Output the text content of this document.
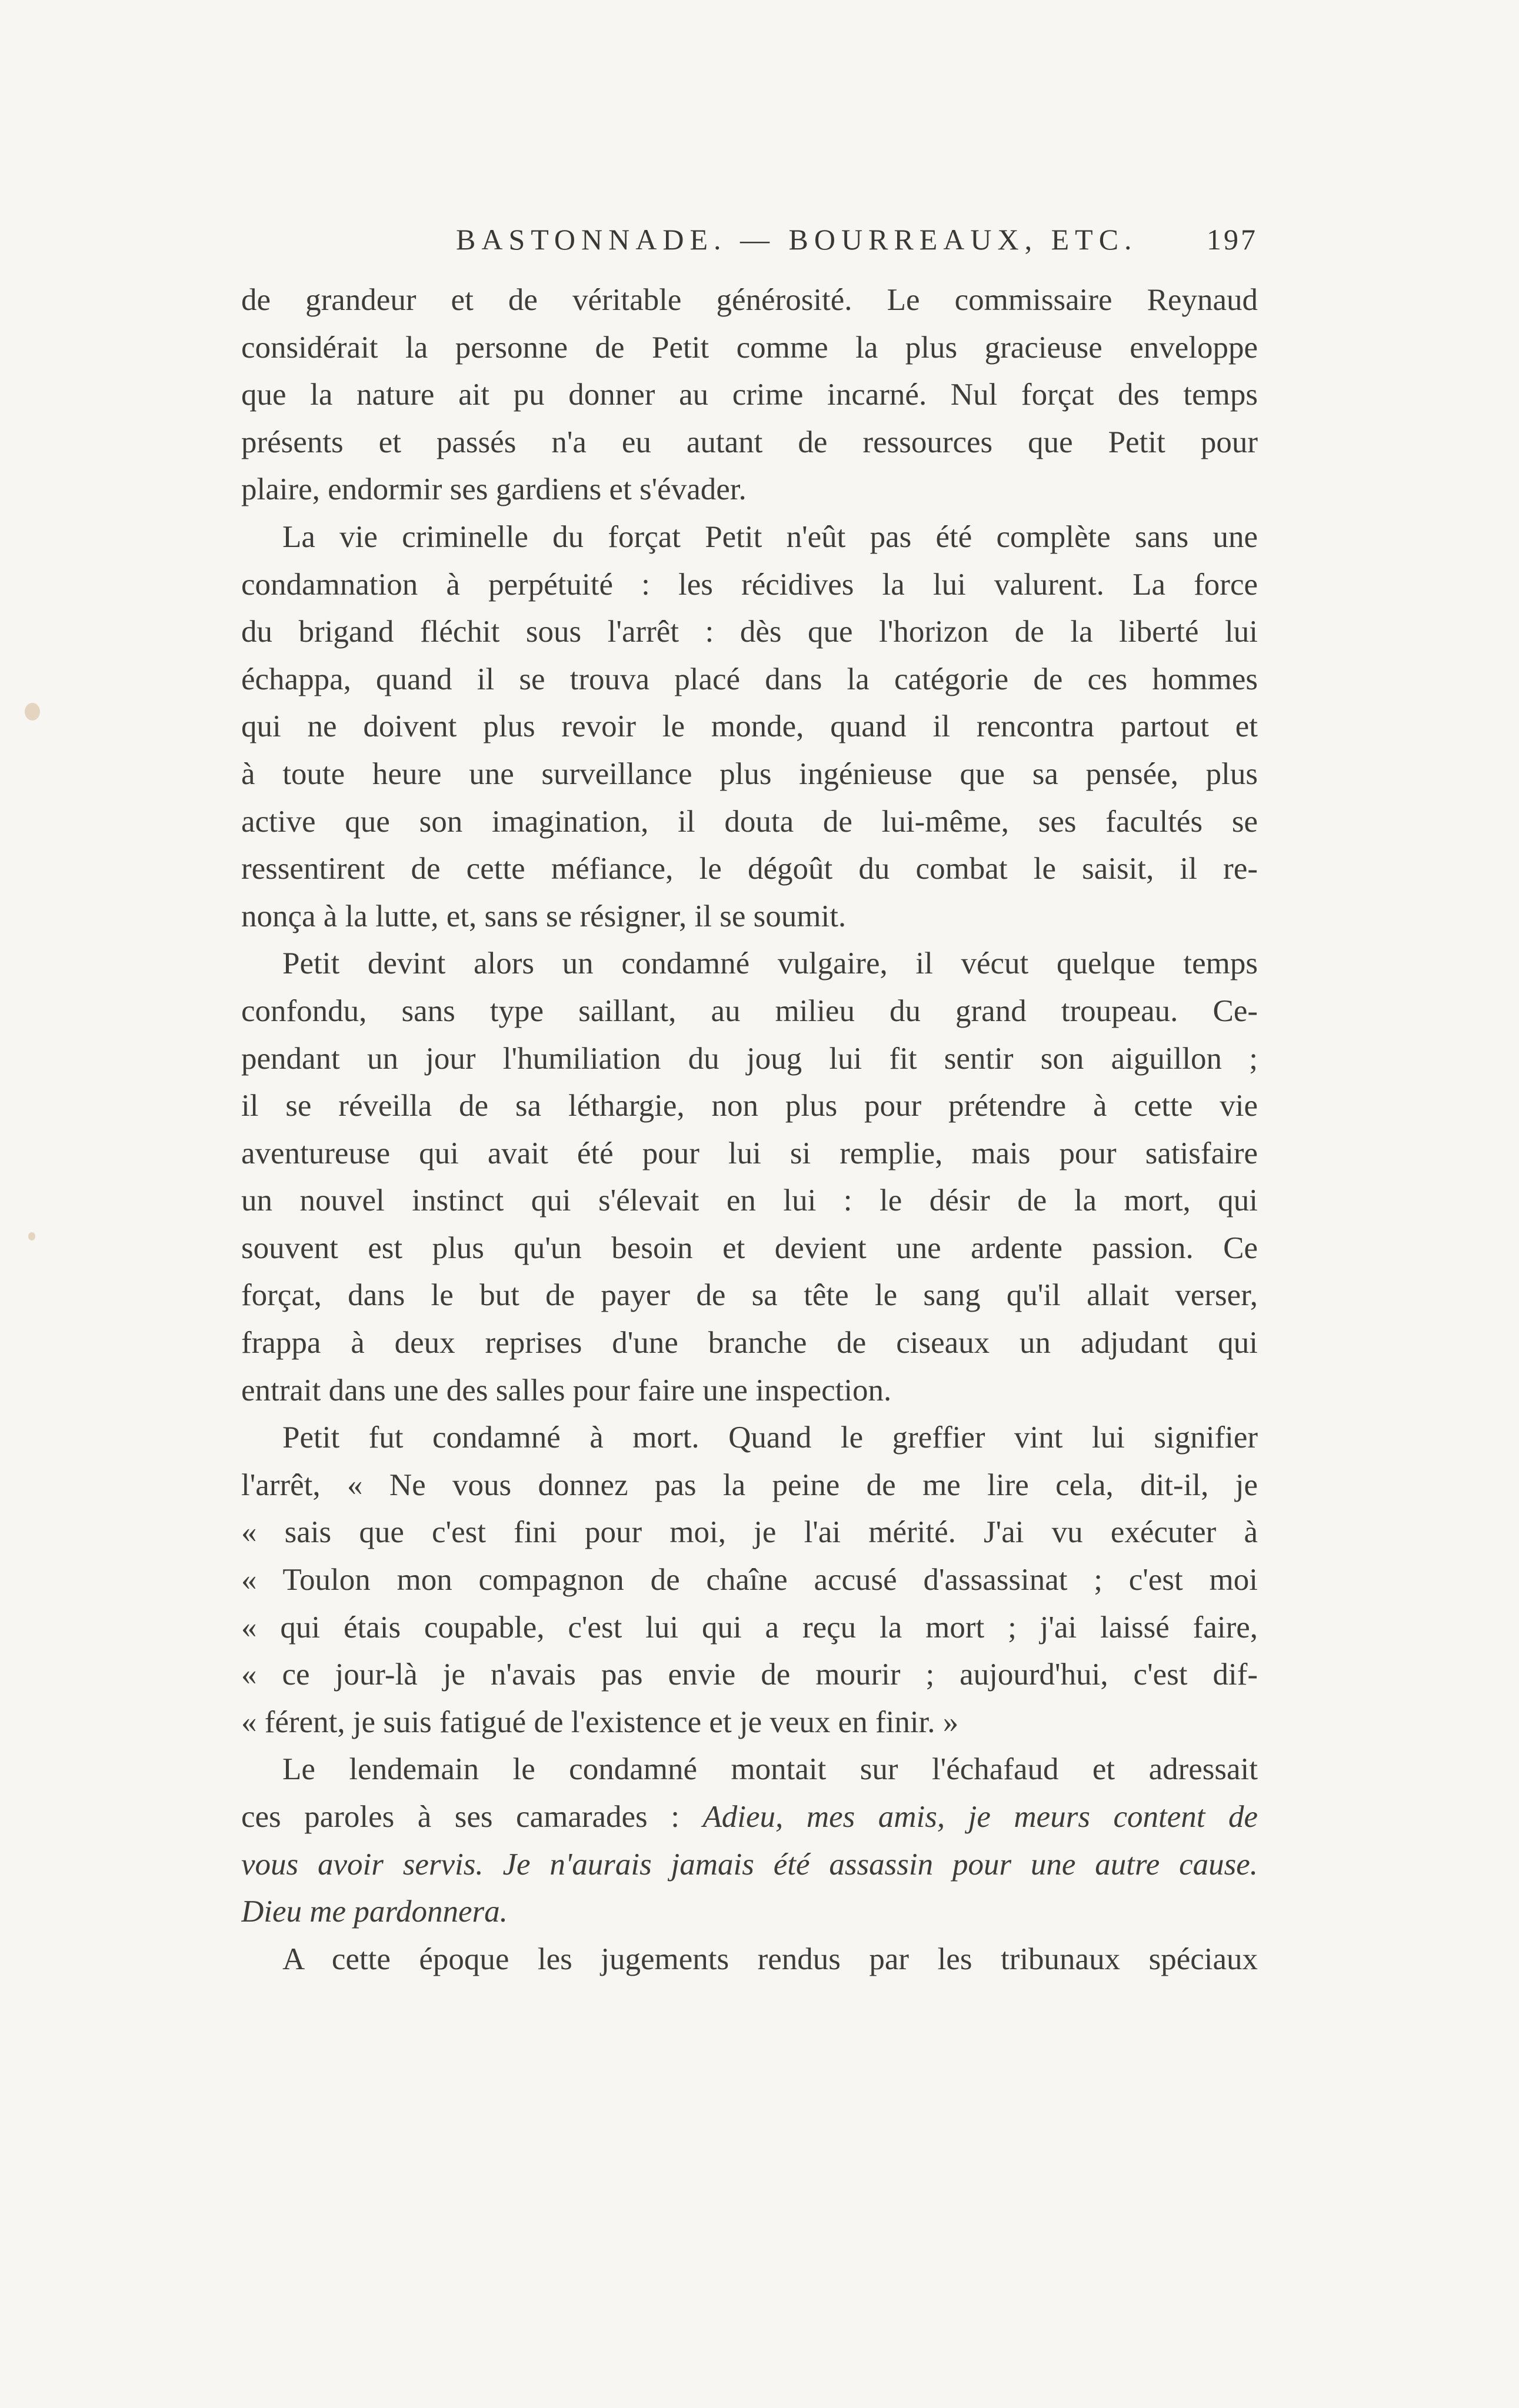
BASTONNADE. — BOURREAUX, ETC. 197
de grandeur et de véritable générosité. Le commissaire Reynaud
considérait la personne de Petit comme la plus gracieuse enveloppe
que la nature ait pu donner au crime incarné. Nul forçat des temps
présents et passés n'a eu autant de ressources que Petit pour
plaire, endormir ses gardiens et s'évader.
La vie criminelle du forçat Petit n'eût pas été complète sans une
condamnation à perpétuité : les récidives la lui valurent. La force
du brigand fléchit sous l'arrêt : dès que l'horizon de la liberté lui
échappa, quand il se trouva placé dans la catégorie de ces hommes
qui ne doivent plus revoir le monde, quand il rencontra partout et
à toute heure une surveillance plus ingénieuse que sa pensée, plus
active que son imagination, il douta de lui-même, ses facultés se
ressentirent de cette méfiance, le dégoût du combat le saisit, il re-
nonça à la lutte, et, sans se résigner, il se soumit.
Petit devint alors un condamné vulgaire, il vécut quelque temps
confondu, sans type saillant, au milieu du grand troupeau. Ce-
pendant un jour l'humiliation du joug lui fit sentir son aiguillon ;
il se réveilla de sa léthargie, non plus pour prétendre à cette vie
aventureuse qui avait été pour lui si remplie, mais pour satisfaire
un nouvel instinct qui s'élevait en lui : le désir de la mort, qui
souvent est plus qu'un besoin et devient une ardente passion. Ce
forçat, dans le but de payer de sa tête le sang qu'il allait verser,
frappa à deux reprises d'une branche de ciseaux un adjudant qui
entrait dans une des salles pour faire une inspection.
Petit fut condamné à mort. Quand le greffier vint lui signifier
l'arrêt, « Ne vous donnez pas la peine de me lire cela, dit-il, je
« sais que c'est fini pour moi, je l'ai mérité. J'ai vu exécuter à
« Toulon mon compagnon de chaîne accusé d'assassinat ; c'est moi
« qui étais coupable, c'est lui qui a reçu la mort ; j'ai laissé faire,
« ce jour-là je n'avais pas envie de mourir ; aujourd'hui, c'est dif-
« férent, je suis fatigué de l'existence et je veux en finir. »
Le lendemain le condamné montait sur l'échafaud et adressait
ces paroles à ses camarades : Adieu, mes amis, je meurs content de
vous avoir servis. Je n'aurais jamais été assassin pour une autre cause.
Dieu me pardonnera.
A cette époque les jugements rendus par les tribunaux spéciaux
